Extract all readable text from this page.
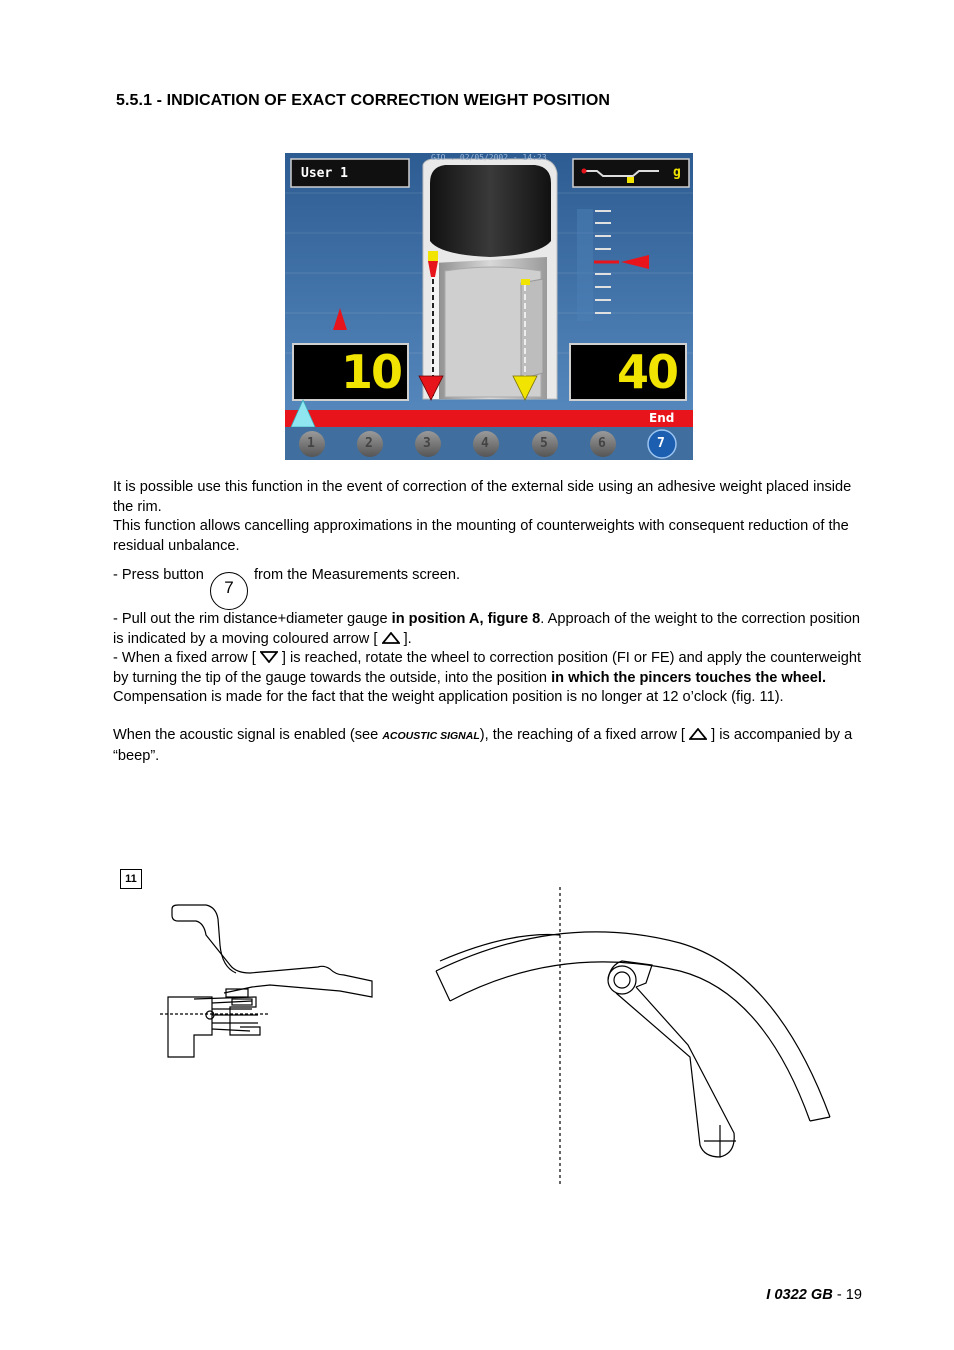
5.5.1 - INDICATION OF EXACT CORRECTION WEIGHT POSITION
User 1
GIO . 02/05/2002 - 14:23
g
10	40
End
1	2	3	4	5	6	7
It is possible use this function in the event of correction of the external side using an adhesive weight placed inside the rim.
This function allows cancelling approximations in the mounting of counterweights with consequent reduction of the residual unbalance.
- Press button 7 from the Measurements screen.
- Pull out the rim distance+diameter gauge in position A, figure 8. Approach of the weight to the correction position is indicated by a moving coloured arrow [ ].
- When a fixed arrow [ ] is reached, rotate the wheel to correction position (FI or FE) and apply the counterweight by turning the tip of the gauge towards the outside, into the position in which the pincers touches the wheel. Compensation is made for the fact that the weight application position is no longer at 12 o’clock (fig. 11).
When the acoustic signal is enabled (see ACOUSTIC SIGNAL), the reaching of a fixed arrow [ ] is accompanied by a “beep”.
11
I 0322 GB - 19
